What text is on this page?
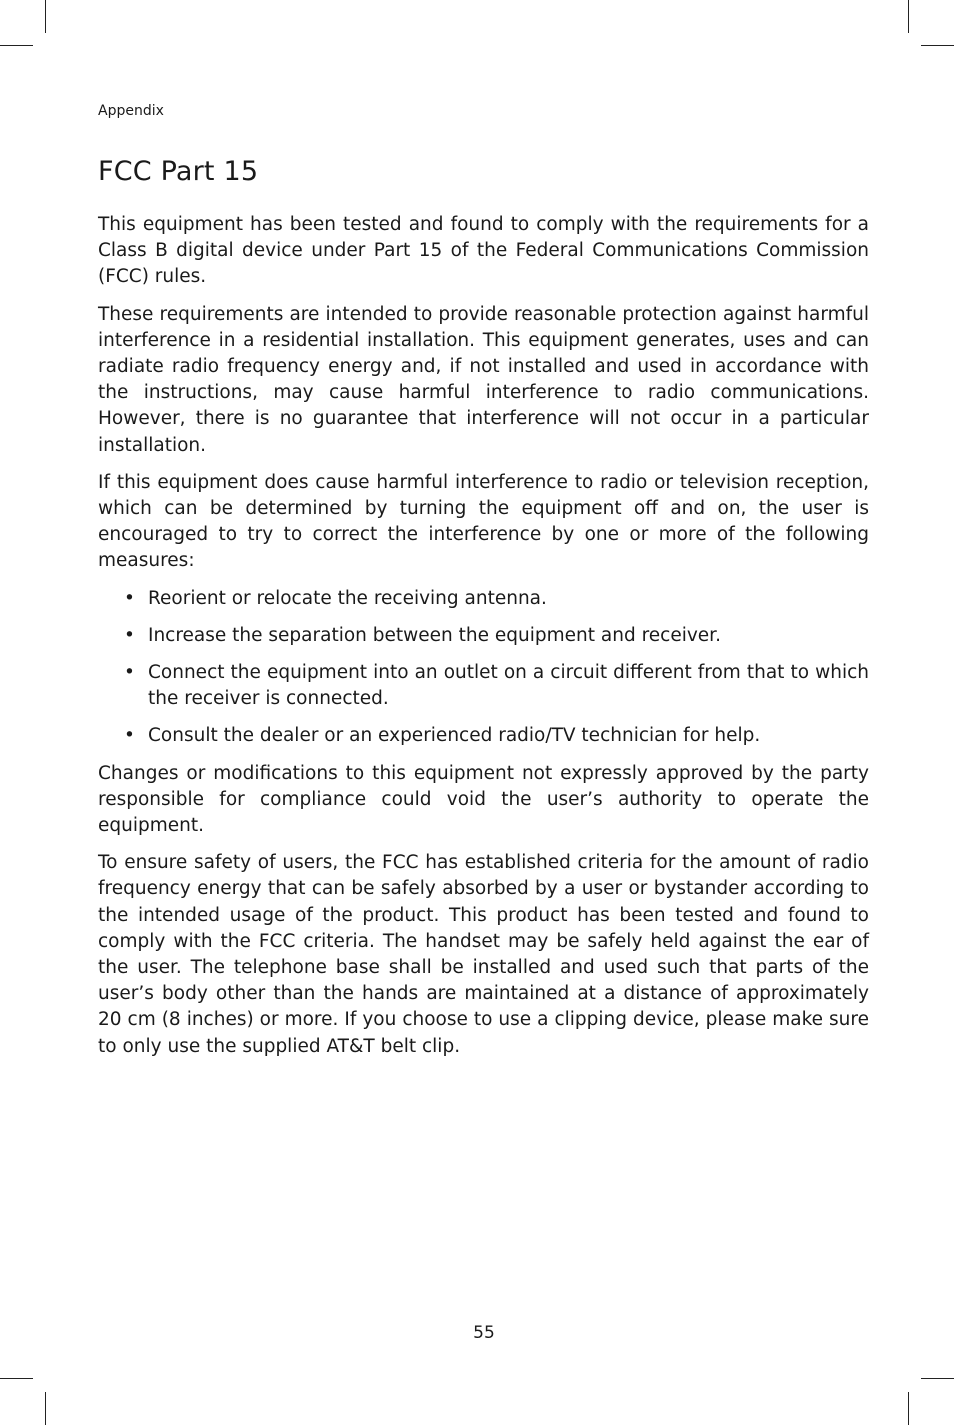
Appendix
FCC Part 15

This equipment has been tested and found to comply with the requirements for a Class B digital device under Part 15 of the Federal Communications Commission (FCC) rules.

These requirements are intended to provide reasonable protection against harmful interference in a residential installation. This equipment generates, uses and can radiate radio frequency energy and, if not installed and used in accordance with the instructions, may cause harmful interference to radio communications. However, there is no guarantee that interference will not occur in a particular installation.

If this equipment does cause harmful interference to radio or television reception, which can be determined by turning the equipment off and on, the user is encouraged to try to correct the interference by one or more of the following measures:

• Reorient or relocate the receiving antenna.
• Increase the separation between the equipment and receiver.
• Connect the equipment into an outlet on a circuit different from that to which the receiver is connected.
• Consult the dealer or an experienced radio/TV technician for help.

Changes or modifications to this equipment not expressly approved by the party responsible for compliance could void the user’s authority to operate the equipment.

To ensure safety of users, the FCC has established criteria for the amount of radio frequency energy that can be safely absorbed by a user or bystander according to the intended usage of the product. This product has been tested and found to comply with the FCC criteria. The handset may be safely held against the ear of the user. The telephone base shall be installed and used such that parts of the user’s body other than the hands are maintained at a distance of approximately 20 cm (8 inches) or more. If you choose to use a clipping device, please make sure to only use the supplied AT&T belt clip.

55
